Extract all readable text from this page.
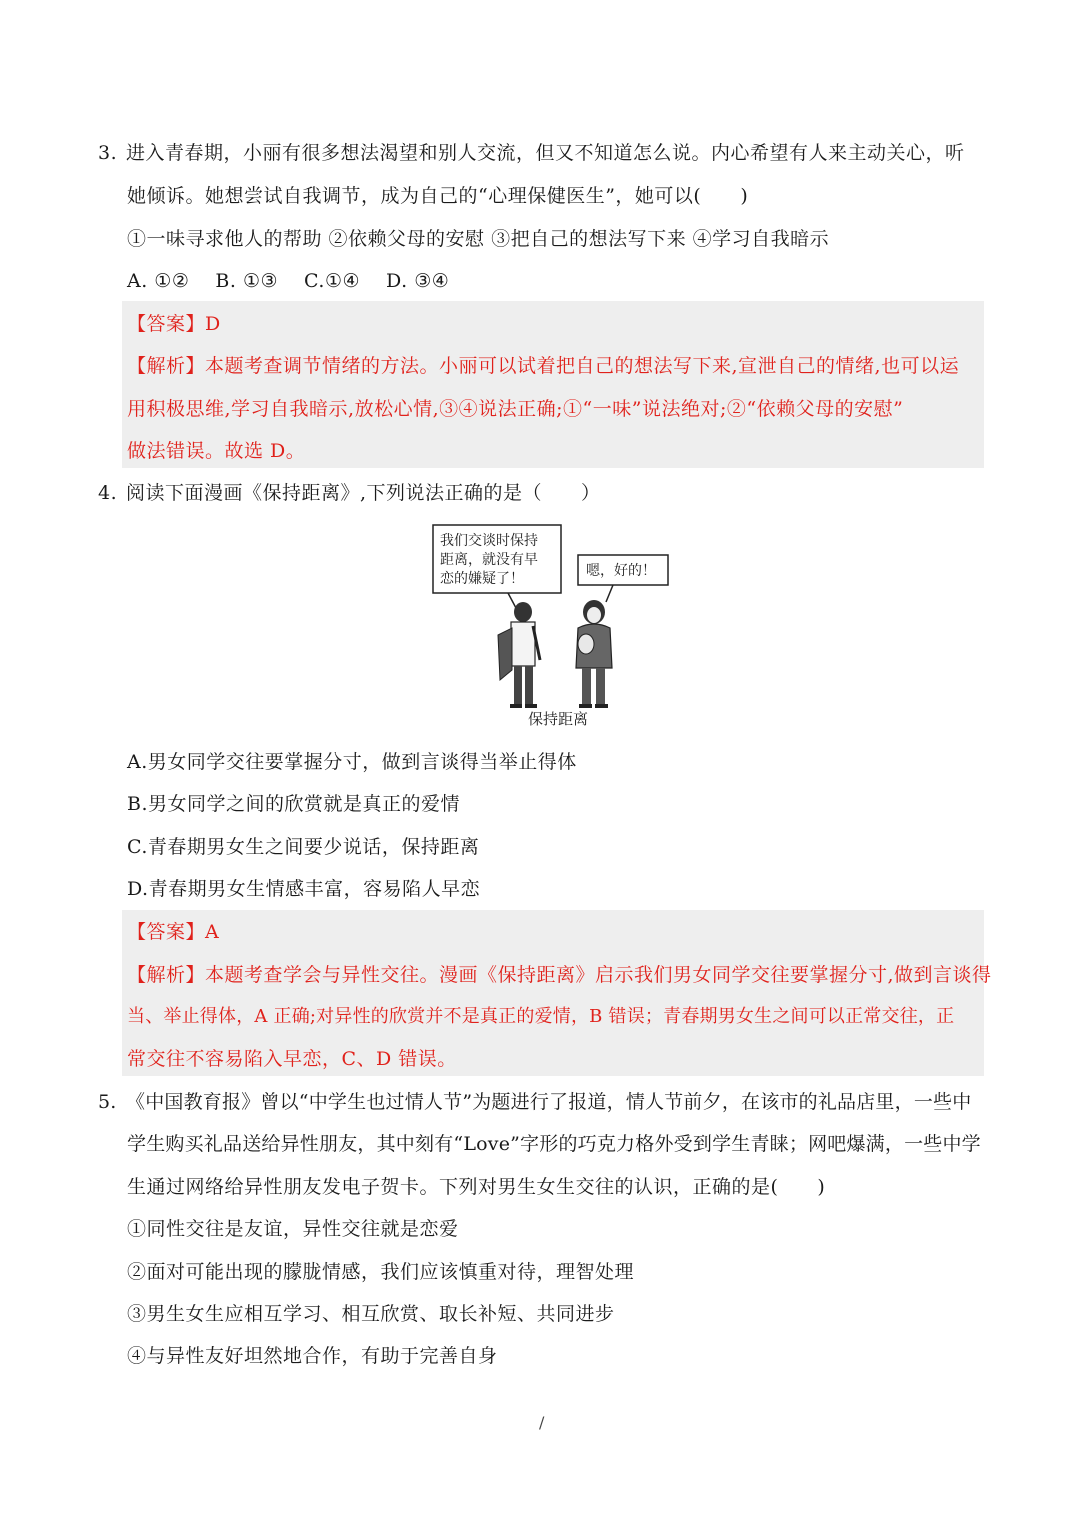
3. 进入青春期，小丽有很多想法渴望和别人交流，但又不知道怎么说。内心希望有人来主动关心，听
她倾诉。她想尝试自我调节，成为自己的“心理保健医生”，她可以(　　)
①一味寻求他人的帮助 ②依赖父母的安慰 ③把自己的想法写下来 ④学习自我暗示
A. ①②　 B. ①③　 C.①④　 D. ③④
【答案】D
【解析】本题考查调节情绪的方法。小丽可以试着把自己的想法写下来,宣泄自己的情绪,也可以运
用积极思维,学习自我暗示,放松心情,③④说法正确;①“一味”说法绝对;②“依赖父母的安慰”
做法错误。故选 D。
4. 阅读下面漫画《保持距离》,下列说法正确的是（　　）
我们交谈时保持
距离，就没有早
恋的嫌疑了！	嗯，好的！
保持距离
A.男女同学交往要掌握分寸，做到言谈得当举止得体
B.男女同学之间的欣赏就是真正的爱情
C.青春期男女生之间要少说话，保持距离
D.青春期男女生情感丰富，容易陷人早恋
【答案】A
【解析】本题考查学会与异性交往。漫画《保持距离》启示我们男女同学交往要掌握分寸,做到言谈得
当、举止得体，A 正确;对异性的欣赏并不是真正的爱情，B 错误；青春期男女生之间可以正常交往，正
常交往不容易陷入早恋，C、D 错误。
5. 《中国教育报》曾以“中学生也过情人节”为题进行了报道，情人节前夕，在该市的礼品店里，一些中
学生购买礼品送给异性朋友，其中刻有“Love”字形的巧克力格外受到学生青睐；网吧爆满，一些中学
生通过网络给异性朋友发电子贺卡。下列对男生女生交往的认识，正确的是(　　)
①同性交往是友谊，异性交往就是恋爱
②面对可能出现的朦胧情感，我们应该慎重对待，理智处理
③男生女生应相互学习、相互欣赏、取长补短、共同进步
④与异性友好坦然地合作，有助于完善自身
/
